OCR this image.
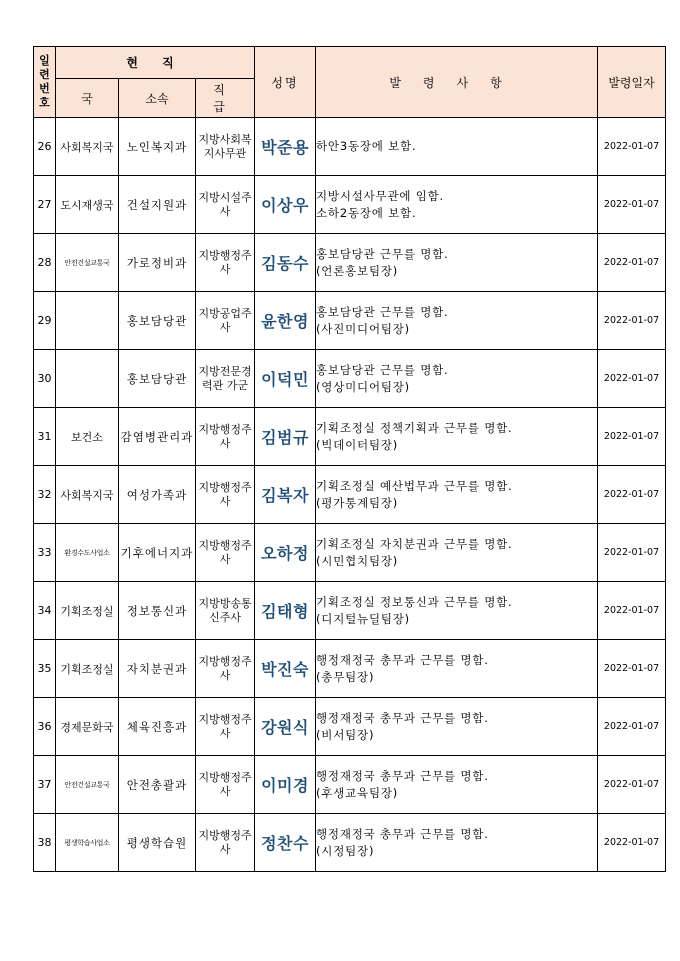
일련
번호	현 직			성명	발령사항	발령일자
	국	소속	직 급			
26	사회복지국	노인복지과	지방사회복지사무관	박준용	하안3동장에 보함.	2022-01-07
27	도시재생국	건설지원과	지방시설주사	이상우	지방시설사무관에 임함.
소하2동장에 보함.	2022-01-07
28	안전건설교통국	가로정비과	지방행정주사	김동수	홍보담당관 근무를 명함.
(언론홍보팀장)	2022-01-07
29		홍보담당관	지방공업주사	윤한영	홍보담당관 근무를 명함.
(사진미디어팀장)	2022-01-07
30		홍보담당관	지방전문경력관 가군	이덕민	홍보담당관 근무를 명함.
(영상미디어팀장)	2022-01-07
31	보건소	감염병관리과	지방행정주사	김범규	기획조정실 정책기획과 근무를 명함.
(빅데이터팀장)	2022-01-07
32	사회복지국	여성가족과	지방행정주사	김복자	기획조정실 예산법무과 근무를 명함.
(평가통계팀장)	2022-01-07
33	환경수도사업소	기후에너지과	지방행정주사	오하정	기획조정실 자치분권과 근무를 명함.
(시민협치팀장)	2022-01-07
34	기획조정실	정보통신과	지방방송통신주사	김태형	기획조정실 정보통신과 근무를 명함.
(디지털뉴딜팀장)	2022-01-07
35	기획조정실	자치분권과	지방행정주사	박진숙	행정재정국 총무과 근무를 명함.
(총무팀장)	2022-01-07
36	경제문화국	체육진흥과	지방행정주사	강원식	행정재정국 총무과 근무를 명함.
(비서팀장)	2022-01-07
37	안전건설교통국	안전총괄과	지방행정주사	이미경	행정재정국 총무과 근무를 명함.
(후생교육팀장)	2022-01-07
38	평생학습사업소	평생학습원	지방행정주사	정찬수	행정재정국 총무과 근무를 명함.
(시정팀장)	2022-01-07
